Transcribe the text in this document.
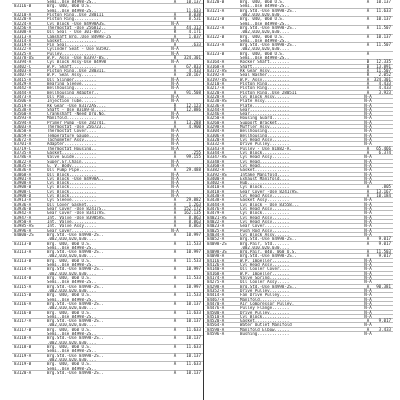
Semi..Use 84998-2S..	A	10.137
83116-B	Brg. 040, 060 U.S.
Semi..Use 84998-2S..	11.633
83210-A	Piston Ring..Use 280111	A	8.038
83220-A	Piston Ring..........	A	8.531
83224-A	Cyl Block -Use 84998A3S.	N-A
83256-A	Thermostat -Use 256812..	A	44.313
83308-A	Oil Seal - Use 301-887..	R	4.171
83313-A	Camshaft Brg..Use 84998-2S	A	1.037
83314-A	Gasket..............	N-A
83319-A	Pin Seal............	A	.633
83322-A	Cylinder Seat - Use 83592.	N-A
83325-A	Pulley..............	N-A
83378-OS	W.P. Assy -Use 83397-0S..	R	324.301
83394-A	Cyl Block Assy-Use 84998	N-A
83402-C	W.P. Shaft..........	A	67.833
83403-A	Piston Ring..Use 280311.	A	4.433
83407-A	W.P. Seal Assy......	A	28.167
83415-A	Oil Slinger.........	N-A
83429-A	Bearing Sleeve......	N-A
83442-A	Bellhousing.........	N-A
83444-A	Bellhousing Adapter..	A	91.508
83473-A	Oil Pan.............	N-A
83506-A	Injection Tube......	N-A
83519-A	Rk Gear -Use 83172AS....	R	12.123
83538-A	Shaft - Use 83189-B.....	R	12.886
83560-A	Crankshaft -Need Drg.No.	N-A
83593-A	Manifold............	N-A
83594-A	Primer Pump -Use 282741.	A	13.288
83603-A	Thermostat -Use 256723..	A	4.900
83658-A	Thermostat Cover....	N-A
83659-A	Temperature Gauge....	N-A
83672-A	Tachometer Assy.....	N-A
83701-A	Adapter.............	N-A
83719-C	Thermostat Housing..	N-A
83735-A	Gasket..............	A	.255
83786-A	Valve Guide.........	A	99.155
83822-A	Super.Gr.Chain......	N-A
83835-A	G. V. Body..........	N-A
83836-A	Oil Pump Pipe.......	A	29.488
83868-A	Oil Block...........	N-A
83901-A	Cyl Block -Use 84998A..	N-A
83908-A	Cyl Block...........	N-A
83908-B	Cyl Block...........	N-A
83908-C	Cyl Block...........	N-A
83908-D	Cyl Block...........	N-A
83913-A	Cyl Sleeve..........	A	29.882
83936-A	Oil Cover Gasket....	A	1.263
83936-B	Gear Cover -Use 82417S..	A	152.172
83942-A	Gear Cover -Use 83417AS.	A	162.135
83947-A	Int. Valve -Use 83985AS.	A	8.863
83950-A	Int. Valve..........	A	8.863
83985-AS	Int. Valve Assy.....	A	8.863
83996-A	Gear Cover..........	N-A
84000-2S	Brg.Std.-Use 84998-2S..	A	10.997
.002,010,020,030....
83113-B	Brg. 040, 060 U.S.	A	11.533
Semi..Use 84998-2S..
83113-A	Brg.Std.-Use 84998-2S..	A	10.997
.002,010,020,030....
83113-B	Brg. 040, 060 U.S.	A	11.533
Semi..Use 84998-2S..
83114-A	Brg.Std.-Use 84998-2S..	A	10.997
.002,010,020,030....
83114-B	Brg. 040, 060 U.S.	A	11.533
Semi..Use 84998-2S..
83115-A	Brg.Std.-Use 84998-2S..	A	10.997
.002,010,020,030....
83115-B	Brg. 040, 060 U.S.	A	11.533
Semi..Use 84998-2S..
83116-A	Brg.Std.-Use 84998-2S..	A	10.137
.002,010,020,030....
83116-B	Brg. 040, 060 U.S.	A	11.633
Semi..Use 84998-2S..
83117-A	Brg.Std.-Use 84998-2S..	A	10.137
.002,010,020,030....
83117-B	Brg. 040, 060 U.S.	A	11.633
Semi..Use 84998-2S..
83118-A	Brg.Std.-Use 84998-2S..	A	10.137
.002,010,020,030....
83118-B	Brg. 040, 060 U.S.	A	11.633
Semi..Use 84998-2S..
83119-A	Brg.Std.-Use 84998-2S..	A	10.137
.002,010,020,030....
83119-B	Brg. 040, 060 U.S.	A	11.633
Semi..Use 84998-2S..
83120-A	Brg.Std.-Use 84998-2S..	A	10.137
83120-B	Brg. 040, 060 U.S.	A	10.137
Semi..Use 84998-2S..
83121-A	Brg.Std.-Use 84998-2S..	A	11.633
.002,010,020,030....
83121-B	Brg. 040, 060 U.S.	A	10.137
Semi..Use 84998-2S..
83122-A	Brg.Std.-Use 84998-2S..	A	11.507
.002,010,020,030....
83122-B	Brg. 040, 060 U.S.	A	10.137
Semi..Use 84998-2S..
83123-A	Brg.Std.-Use 84998-2S..	A	11.507
.002,010,020,030....
83123-B	Brg. 040, 060 U.S.	A
Semi..Use 84998-2S..
83164-A	Rocker Shaft........	B	12.335
83168-A	Shaft...............	B	13.891
83172-AS	Rk Gear Assy........	A	11.507
83192-A	Seal Washer.........	R	2.052
83197-OS	W.P. Assy...........	A	324.301
83210-A	Piston Ring.........	A	4.433
83217-A	Piston Ring.........	A	4.433
83220-A	Piston Ring..Use 280511	A	3.923
83228-A	Cyl Block Assy......	N-A
83230-AS	Plate Assy..........	N-A
83236-A	Plate...............	N-A
83244-A	Gear................	N-A
83246-A	Gear................	N-A
83250-A	Housing Guard.......	N-A
83260-A	Support Bracket.....	N-A
83298-A	Muffler Assy........	N-A
83304-A	Bellhousing.........	N-A
83306-A	Bellhousing.........	N-A
83320-A	Cyl Head Assy.......	N-A
83332-A	Drive Pulley........	N-A
83343-A	Pulley - Use 81882-A.	A	65.466
83344-A	Cyl Block...........	A	6.374
83347-AS	Cyl Head Assy.......	N-A
83348-A	Cyl Head............	N-A
83360-A	Cyl Head............	N-A
83382-A	Gasket..............	N-A
83392-AS	Intake Manifold.....	N-A
83400-A	Exhaust Manifold....	N-A
83402-A	Hub.................	N-A
83410-A	Cyl Block...........	A	.805
83418-A	Gear Cover -Use 82417AS.	A	13.167
83430-A	Cyl Head Assy.......	A	10.184
83438-A	Gasket Assy.........	N-A
83444-A	Cyl Block - Use 83558...	N-A
83476-A	Cyl Head Assy.......	N-A
83479-A	Cyl Block...........	N-A
84021-AS	Cyl Head Assy.......	N-A
84022-A	Cyl Head Assy.......	N-A
84023-A	Gear Cover..........	N-A
84025-A	Push Rod Assy.......	N-A
84034-A	Cyl Block Assy......	N-A
84052-A	Brg.Std.-Use 84998-2S..	A	9.017
84098-2S	Brg.Pair, Std.......	A	9.017
.002,010,020,030....
84098-3S	Brg.Pair, 040, 060 U.S.	A	11.503
84098-A	Brg.Std.-Use 84998-2S..	A	9.017
84116-A	W.P. Impeller.......	N-A
84126-A	Cyl Head Assy.......	N-A
84140-A	Oil Cooler Cover....	N-A
84168-A	W.P. Impeller.......	N-A
84174-A	Valve Spring........	N-A
84275-A	Oil Cooler Assy.....	N-A
84298-A	Brg.Std.-Use 84998-2S..	A	90.381
84352-A	Drive Pulley........	N-A
84414-A	Fan Drive Pulley....	N-A
84467-A	Manifold............	N-A
84470-A	Air Compressor Pulley.	N-A
84476-A	Pulley Flange.......	N-A
84500-A	Drive Pulley........	N-A
84510-A	Cyl Block...........	N-A
84520-A	Gasket..............	A	9.017
84564-A	Water Outlet Manifold	N-A
84590-A	Manifold Elbow......	A	3.433
84596-A	Bushing.............	N-A
